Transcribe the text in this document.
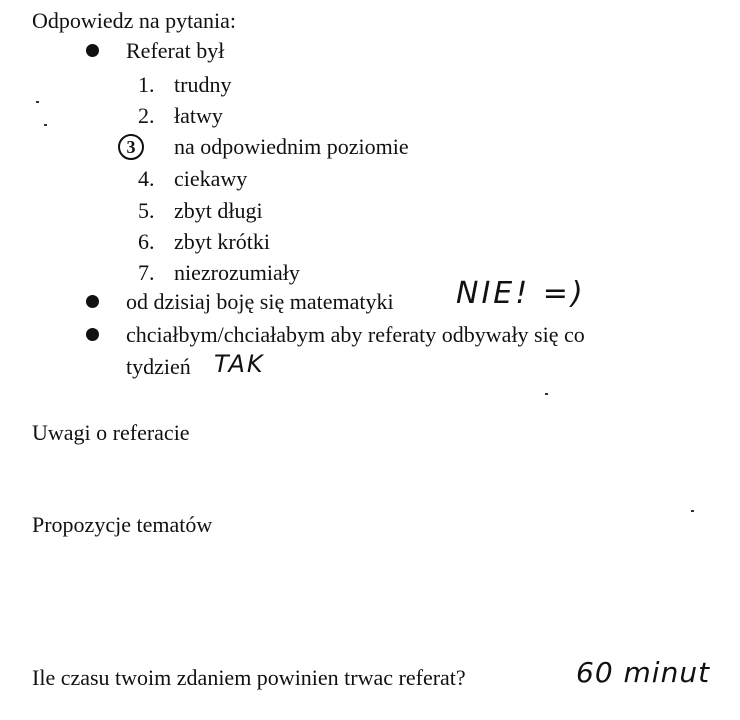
Odpowiedz na pytania:
Referat był
1. trudny
2. łatwy
3	na odpowiednim poziomie
4. ciekawy
5. zbyt długi
6. zbyt krótki
7. niezrozumiały
od dzisiaj boję się matematyki NIE! =)
chciałbym/chciałabym aby referaty odbywały się co
tydzień TAK
Uwagi o referacie
Propozycje tematów
Ile czasu twoim zdaniem powinien trwac referat?	60 minut
